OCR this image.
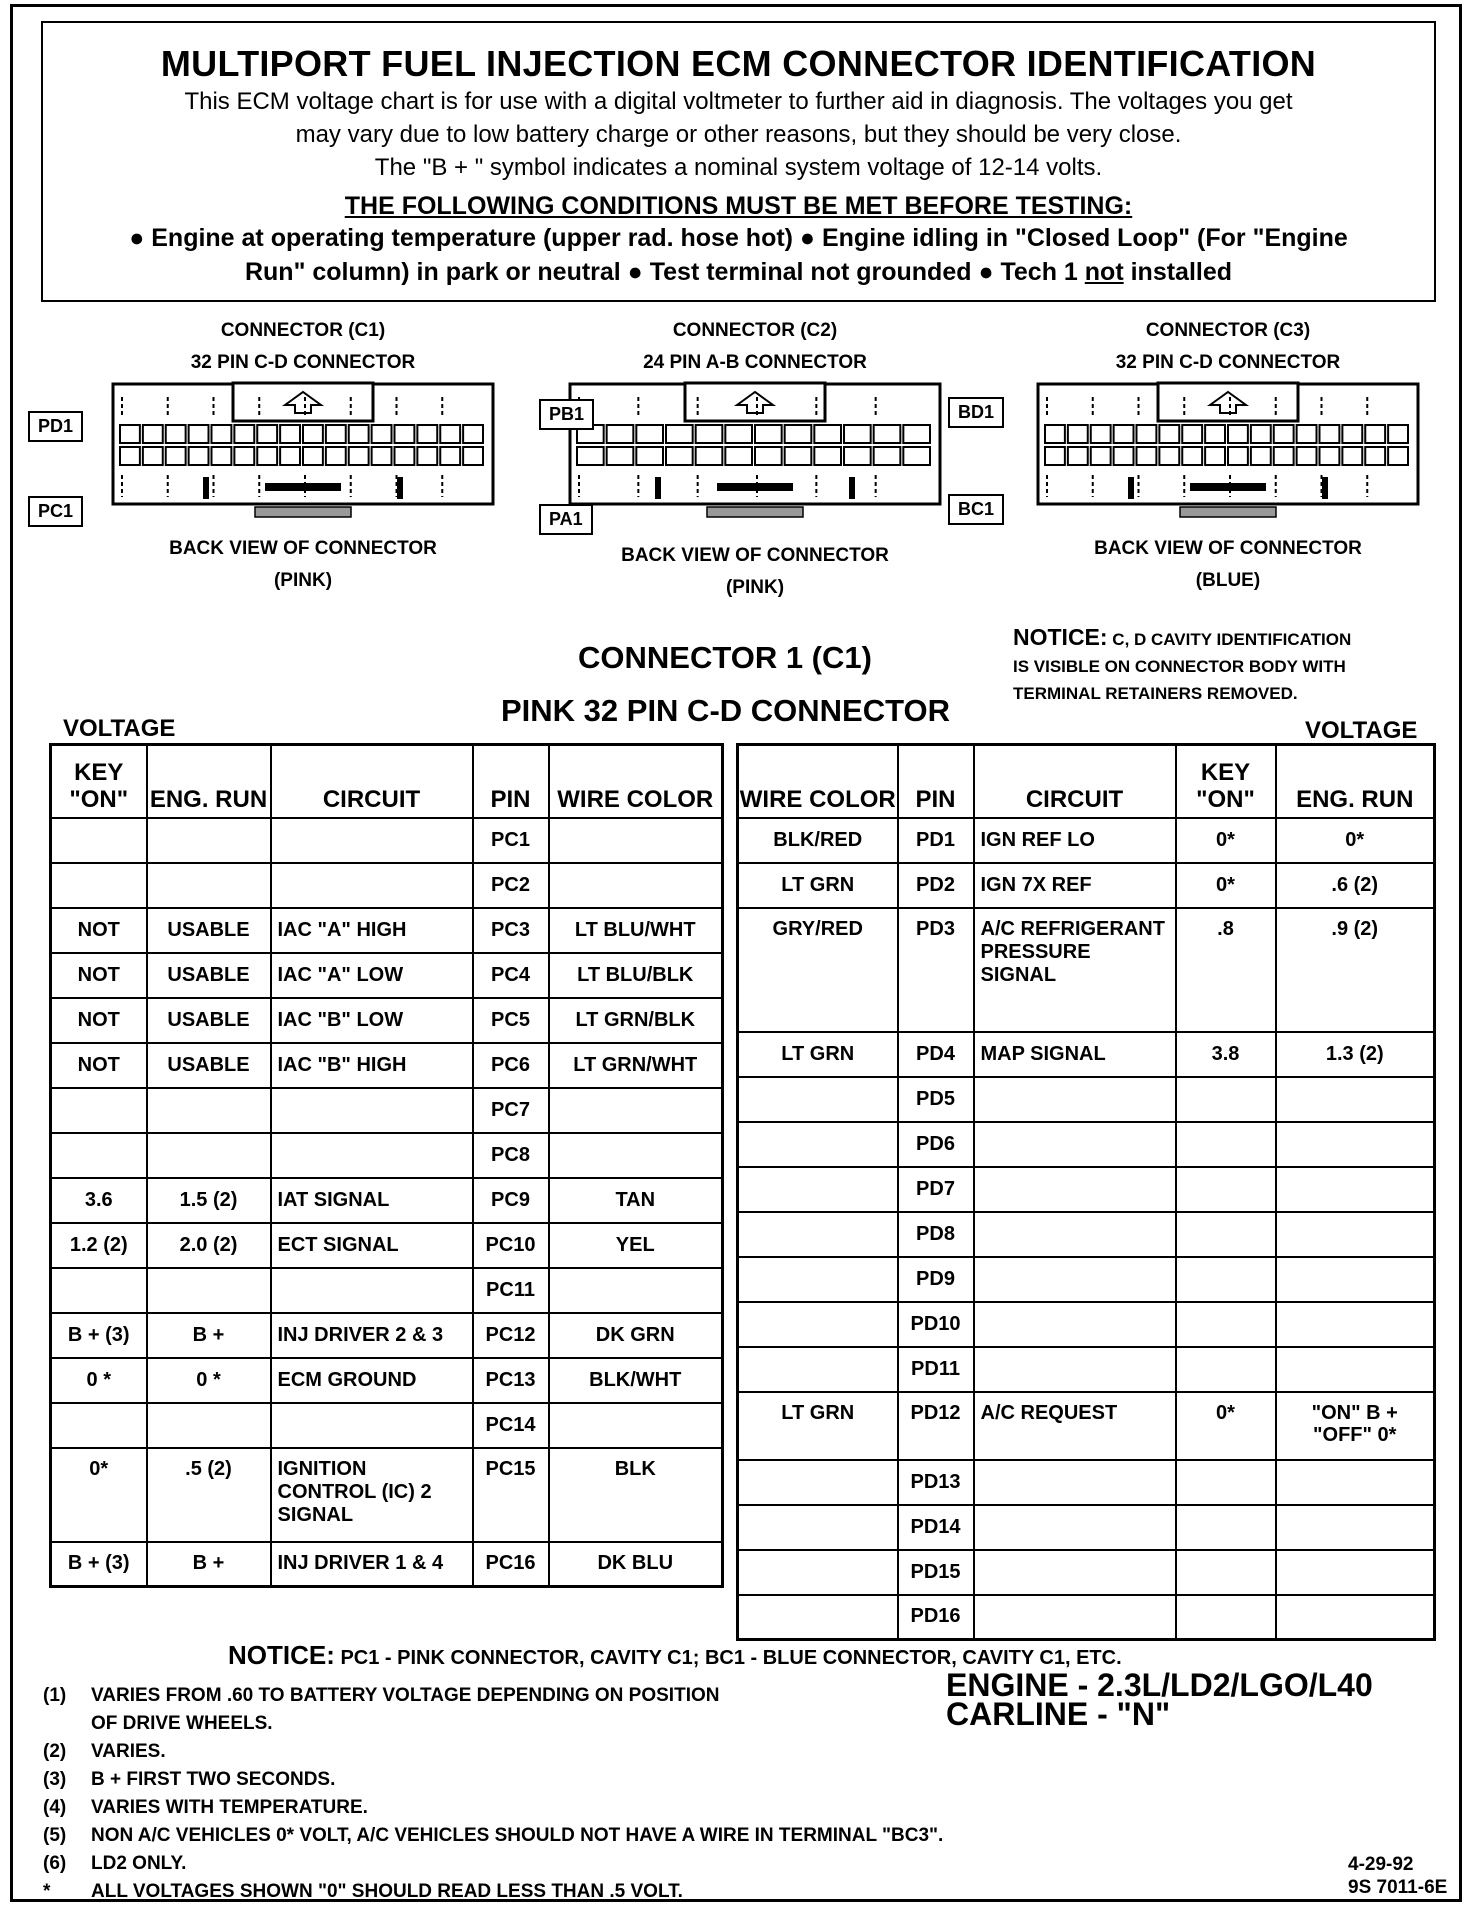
MULTIPORT FUEL INJECTION ECM CONNECTOR IDENTIFICATION
This ECM voltage chart is for use with a digital voltmeter to further aid in diagnosis. The voltages you get
may vary due to low battery charge or other reasons, but they should be very close.
The "B + " symbol indicates a nominal system voltage of 12-14 volts.
THE FOLLOWING CONDITIONS MUST BE MET BEFORE TESTING:
● Engine at operating temperature (upper rad. hose hot) ● Engine idling in "Closed Loop" (For "Engine
Run" column) in park or neutral ● Test terminal not grounded ● Tech 1 not installed
CONNECTOR (C1)
32 PIN C-D CONNECTOR
BACK VIEW OF CONNECTOR
(PINK)
PD1
PC1
CONNECTOR (C2)
24 PIN A-B CONNECTOR
BACK VIEW OF CONNECTOR
(PINK)
PB1
PA1
CONNECTOR (C3)
32 PIN C-D CONNECTOR
BACK VIEW OF CONNECTOR
(BLUE)
BD1
BC1
NOTICE: C, D CAVITY IDENTIFICATION
IS VISIBLE ON CONNECTOR BODY WITH
TERMINAL RETAINERS REMOVED.
CONNECTOR 1 (C1)
PINK 32 PIN C-D CONNECTOR
VOLTAGE	VOLTAGE
KEY "ON"	ENG. RUN	CIRCUIT	PIN	WIRE COLOR
			PC1	
			PC2	
NOT	USABLE	IAC "A" HIGH	PC3	LT BLU/WHT
NOT	USABLE	IAC "A" LOW	PC4	LT BLU/BLK
NOT	USABLE	IAC "B" LOW	PC5	LT GRN/BLK
NOT	USABLE	IAC "B" HIGH	PC6	LT GRN/WHT
			PC7	
			PC8	
3.6	1.5 (2)	IAT SIGNAL	PC9	TAN
1.2 (2)	2.0 (2)	ECT SIGNAL	PC10	YEL
			PC11	
B + (3)	B +	INJ DRIVER 2 & 3	PC12	DK GRN
0 *	0 *	ECM GROUND	PC13	BLK/WHT
			PC14	
0*	.5 (2)	IGNITION CONTROL (IC) 2 SIGNAL	PC15	BLK
B + (3)	B +	INJ DRIVER 1 & 4	PC16	DK BLU
WIRE COLOR	PIN	CIRCUIT	KEY "ON"	ENG. RUN
BLK/RED	PD1	IGN REF LO	0*	0*
LT GRN	PD2	IGN 7X REF	0*	.6 (2)
GRY/RED	PD3	A/C REFRIGERANT PRESSURE SIGNAL	.8	.9 (2)
LT GRN	PD4	MAP SIGNAL	3.8	1.3 (2)
	PD5			
	PD6			
	PD7			
	PD8			
	PD9			
	PD10			
	PD11			
LT GRN	PD12	A/C REQUEST	0*	"ON" B +
"OFF" 0*

	PD13			
	PD14			
	PD15			
	PD16			
NOTICE: PC1 - PINK CONNECTOR, CAVITY C1; BC1 - BLUE CONNECTOR, CAVITY C1, ETC.
(1)	VARIES FROM .60 TO BATTERY VOLTAGE DEPENDING ON POSITION
OF DRIVE WHEELS.
(2)	VARIES.
(3)	B + FIRST TWO SECONDS.
(4)	VARIES WITH TEMPERATURE.
(5)	NON A/C VEHICLES 0* VOLT, A/C VEHICLES SHOULD NOT HAVE A WIRE IN TERMINAL "BC3".
(6)	LD2 ONLY.
*	ALL VOLTAGES SHOWN "0" SHOULD READ LESS THAN .5 VOLT.
ENGINE - 2.3L/LD2/LGO/L40
CARLINE - "N"
4-29-92
9S 7011-6E
